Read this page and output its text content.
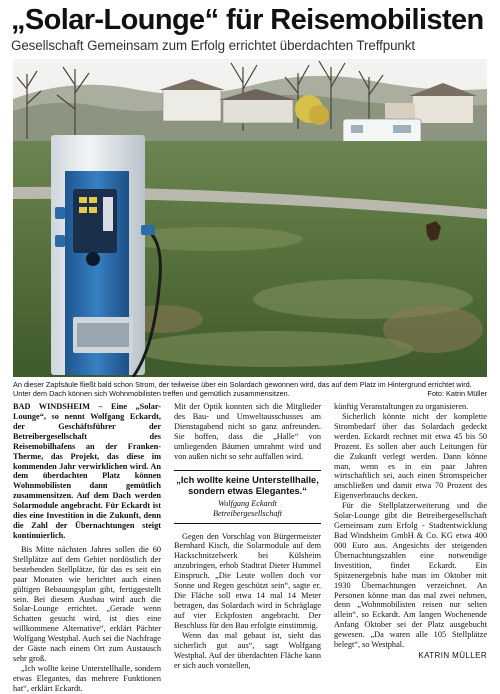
„Solar-Lounge“ für Reisemobilisten
Gesellschaft Gemeinsam zum Erfolg errichtet überdachten Treffpunkt
An dieser Zapfsäule fließt bald schon Strom, der teilweise über ein Solardach gewonnen wird, das auf dem Platz im Hintergrund errichtet wird. Unter dem Dach können sich Wohnmobilisten treffen und gemütlich zusammensitzen.	Foto: Katrin Müller

BAD WINDSHEIM – Eine „Solar-Lounge“, so nennt Wolfgang Eckardt, der Geschäftsführer der Betreibergesellschaft des Reisemobilhafens an der Franken-Therme, das Projekt, das diese im kommenden Jahr verwirklichen wird. An dem überdachten Platz können Wohnmobilisten dann gemütlich zusammensitzen. Auf dem Dach werden Solarmodule angebracht. Für Eckardt ist dies eine Investition in die Zukunft, denn die Zahl der Übernachtungen steigt kontinuierlich.

Bis Mitte nächsten Jahres sollen die 60 Stellplätze auf dem Gebiet nordöstlich der bestehenden Stellplätze, für das es seit ein paar Monaten wie berichtet auch einen gültigen Bebauungsplan gibt, fertiggestellt sein. Bei diesem Ausbau wird auch die Solar-Lounge errichtet. „Gerade wenn Schatten gesucht wird, ist dies eine willkommene Alternative“, erklärt Pächter Wolfgang Westphal. Auch sei die Nachfrage der Gäste nach einem Ort zum Austausch sehr groß.

„Ich wollte keine Unterstellhalle, sondern etwas Elegantes, das mehrere Funktionen hat“, erklärt Eckardt.

Mit der Optik konnten sich die Mitglieder des Bau- und Umweltausschusses am Dienstagabend nicht so ganz anfreunden. Sie hoffen, dass die „Halle“ von umliegenden Bäumen umrahmt wird und von außen nicht so sehr auffallen wird.

„Ich wollte keine Unterstellhalle, sondern etwas Elegantes.“
Wolfgang Eckardt
Betreibergesellschaft

Gegen den Vorschlag von Bürgermeister Bernhard Kisch, die Solarmodule auf dem Hackschnitzelwerk bei Külsheim anzubringen, erhob Stadtrat Dieter Hummel Einspruch. „Die Leute wollen doch vor Sonne und Regen geschützt sein“, sagte er. Die Fläche soll etwa 14 mal 14 Meter betragen, das Solardach wird in Schräglage auf vier Eckpfosten angebracht. Der Beschluss für den Bau erfolgte einstimmig.

Wenn das mal gebaut ist, sieht das sicherlich gut aus“, sagt Wolfgang Westphal. Auf der überdachten Fläche kann er sich auch vorstellen,

künftig Veranstaltungen zu organisieren.

Sicherlich könnte nicht der komplette Strombedarf über das Solardach gedeckt werden. Eckardt rechnet mit etwa 45 bis 50 Prozent. Es sollen aber auch Leitungen für die Zukunft verlegt werden. Dann könne man, wenn es in ein paar Jahren wirtschaftlich sei, auch einen Stromspeicher anschließen und damit etwa 70 Prozent des Eigenverbrauchs decken.

Für die Stellplatzerweiterung und die Solar-Lounge gibt die Betreibergesellschaft Gemeinsam zum Erfolg - Stadtentwicklung Bad Windsheim GmbH & Co. KG etwa 400 000 Euro aus. Angesichts der steigenden Übernachtungszahlen eine notwendige Investition, findet Eckardt. Ein Spitzenergebnis habe man im Oktober mit 1930 Übernachtungen verzeichnet. An Personen könne man das mal zwei nehmen, denn „Wohnmobilisten reisen nur selten allein“, so Eckardt. Am langen Wochenende Anfang Oktober sei der Platz ausgebucht gewesen. „Da waren alle 105 Stellplätze belegt“, so Westphal.

KATRIN MÜLLER
